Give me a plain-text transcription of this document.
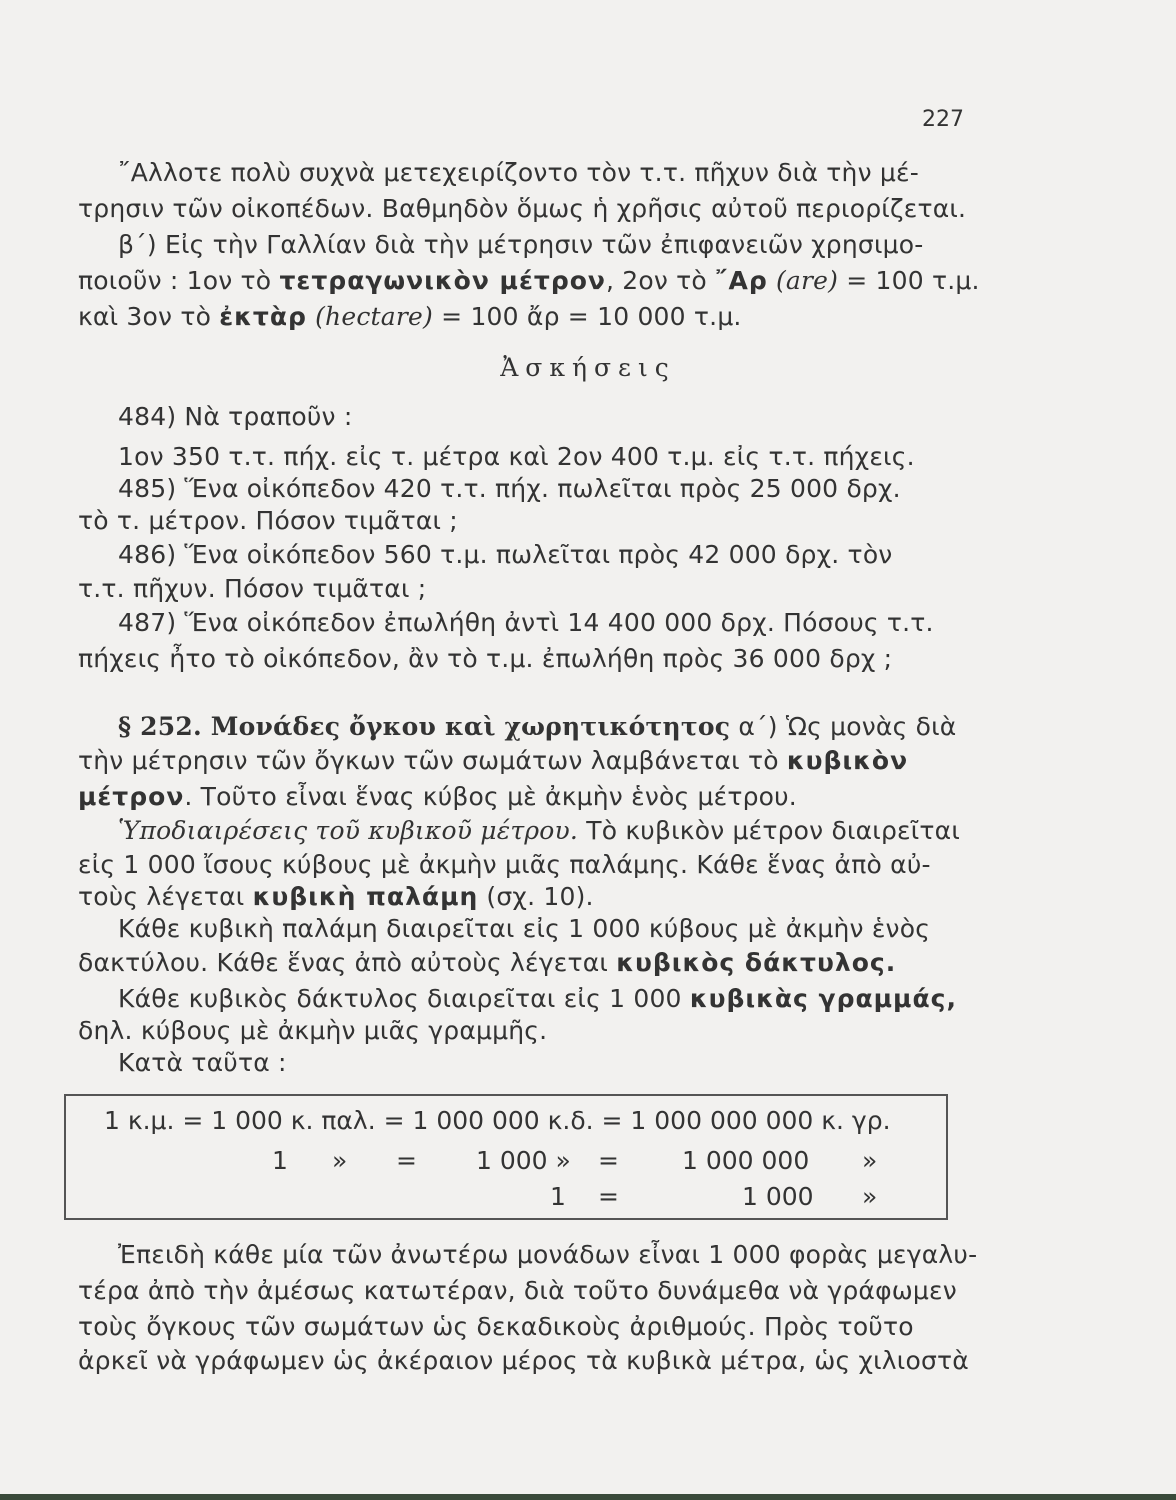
227
῎Αλλοτε πολὺ συχνὰ μετεχειρίζοντο τὸν τ.τ. πῆχυν διὰ τὴν μέ-
τρησιν τῶν οἰκοπέδων. Βαθμηδὸν ὅμως ἡ χρῆσις αὐτοῦ περιορίζεται.
β΄) Εἰς τὴν Γαλλίαν διὰ τὴν μέτρησιν τῶν ἐπιφανειῶν χρησιμο-
ποιοῦν : 1ον τὸ τετραγωνικὸν μέτρον, 2ον τὸ ῎Αρ (are) = 100 τ.μ.
καὶ 3ον τὸ ἐκτὰρ (hectare) = 100 ἄρ = 10 000 τ.μ.
Ἀσκήσεις
484) Νὰ τραποῦν :
1ον 350 τ.τ. πήχ. εἰς τ. μέτρα καὶ 2ον 400 τ.μ. εἰς τ.τ. πήχεις.
485) Ἕνα οἰκόπεδον 420 τ.τ. πήχ. πωλεῖται πρὸς 25 000 δρχ.
τὸ τ. μέτρον. Πόσον τιμᾶται ;
486) Ἕνα οἰκόπεδον 560 τ.μ. πωλεῖται πρὸς 42 000 δρχ. τὸν
τ.τ. πῆχυν. Πόσον τιμᾶται ;
487) Ἕνα οἰκόπεδον ἐπωλήθη ἀντὶ 14 400 000 δρχ. Πόσους τ.τ.
πήχεις ἦτο τὸ οἰκόπεδον, ἂν τὸ τ.μ. ἐπωλήθη πρὸς 36 000 δρχ ;
§ 252. Μονάδες ὄγκου καὶ χωρητικότητος α΄) Ὡς μονὰς διὰ
τὴν μέτρησιν τῶν ὄγκων τῶν σωμάτων λαμβάνεται τὸ κυβικὸν
μέτρον. Τοῦτο εἶναι ἕνας κύβος μὲ ἀκμὴν ἑνὸς μέτρου.
Ὑποδιαιρέσεις τοῦ κυβικοῦ μέτρου. Τὸ κυβικὸν μέτρον διαιρεῖται
εἰς 1 000 ἴσους κύβους μὲ ἀκμὴν μιᾶς παλάμης. Κάθε ἕνας ἀπὸ αὐ-
τοὺς λέγεται κυβικὴ παλάμη (σχ. 10).
Κάθε κυβικὴ παλάμη διαιρεῖται εἰς 1 000 κύβους μὲ ἀκμὴν ἑνὸς
δακτύλου. Κάθε ἕνας ἀπὸ αὐτοὺς λέγεται κυβικὸς δάκτυλος.
Κάθε κυβικὸς δάκτυλος διαιρεῖται εἰς 1 000 κυβικὰς γραμμάς,
δηλ. κύβους μὲ ἀκμὴν μιᾶς γραμμῆς.
Κατὰ ταῦτα :
1 κ.μ. = 1 000 κ. παλ. = 1 000 000 κ.δ. = 1 000 000 000 κ. γρ.
1 » = 1 000 » =	1 000 000 »
1 =	1 000 »
Ἐπειδὴ κάθε μία τῶν ἀνωτέρω μονάδων εἶναι 1 000 φορὰς μεγαλυ-
τέρα ἀπὸ τὴν ἀμέσως κατωτέραν, διὰ τοῦτο δυνάμεθα νὰ γράφωμεν
τοὺς ὄγκους τῶν σωμάτων ὡς δεκαδικοὺς ἀριθμούς. Πρὸς τοῦτο
ἀρκεῖ νὰ γράφωμεν ὡς ἀκέραιον μέρος τὰ κυβικὰ μέτρα, ὡς χιλιοστὰ
